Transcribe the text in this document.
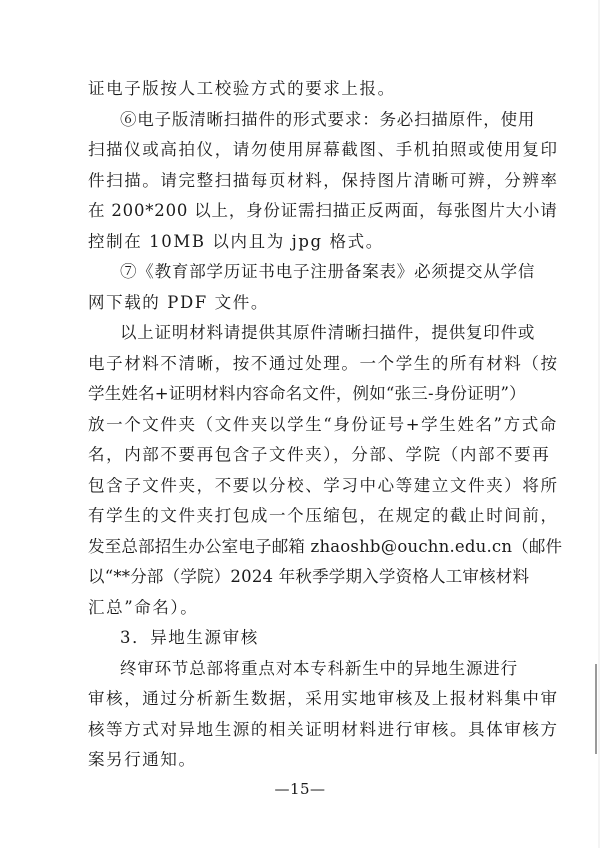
证电子版按人工校验方式的要求上报。
⑥电子版清晰扫描件的形式要求：务必扫描原件，使用
扫描仪或高拍仪，请勿使用屏幕截图、手机拍照或使用复印
件扫描。请完整扫描每页材料，保持图片清晰可辨，分辨率
在 200*200 以上，身份证需扫描正反两面，每张图片大小请
控制在 10MB 以内且为 jpg 格式。
⑦《教育部学历证书电子注册备案表》必须提交从学信
网下载的 PDF 文件。
以上证明材料请提供其原件清晰扫描件，提供复印件或
电子材料不清晰，按不通过处理。一个学生的所有材料（按
学生姓名+证明材料内容命名文件，例如“张三-身份证明”）
放一个文件夹（文件夹以学生“身份证号+学生姓名”方式命
名，内部不要再包含子文件夹），分部、学院（内部不要再
包含子文件夹，不要以分校、学习中心等建立文件夹）将所
有学生的文件夹打包成一个压缩包，在规定的截止时间前，
发至总部招生办公室电子邮箱 zhaoshb@ouchn.edu.cn（邮件
以“**分部（学院）2024 年秋季学期入学资格人工审核材料
汇总”命名）。
3．异地生源审核
终审环节总部将重点对本专科新生中的异地生源进行
审核，通过分析新生数据，采用实地审核及上报材料集中审
核等方式对异地生源的相关证明材料进行审核。具体审核方
案另行通知。
—15—
